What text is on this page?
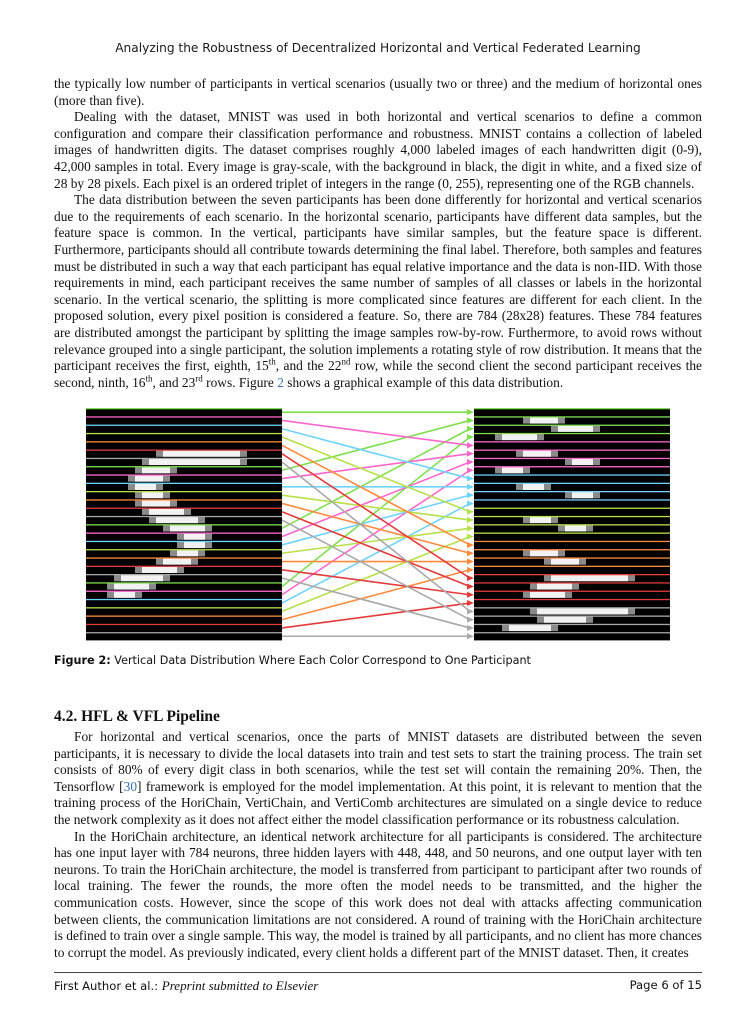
Analyzing the Robustness of Decentralized Horizontal and Vertical Federated Learning

the typically low number of participants in vertical scenarios (usually two or three) and the medium of horizontal ones (more than five).

Dealing with the dataset, MNIST was used in both horizontal and vertical scenarios to define a common configuration and compare their classification performance and robustness. MNIST contains a collection of labeled images of handwritten digits. The dataset comprises roughly 4,000 labeled images of each handwritten digit (0-9), 42,000 samples in total. Every image is gray-scale, with the background in black, the digit in white, and a fixed size of 28 by 28 pixels. Each pixel is an ordered triplet of integers in the range (0, 255), representing one of the RGB channels.

The data distribution between the seven participants has been done differently for horizontal and vertical scenarios due to the requirements of each scenario. In the horizontal scenario, participants have different data samples, but the feature space is common. In the vertical, participants have similar samples, but the feature space is different. Furthermore, participants should all contribute towards determining the final label. Therefore, both samples and features must be distributed in such a way that each participant has equal relative importance and the data is non-IID. With those requirements in mind, each participant receives the same number of samples of all classes or labels in the horizontal scenario. In the vertical scenario, the splitting is more complicated since features are different for each client. In the proposed solution, every pixel position is considered a feature. So, there are 784 (28x28) features. These 784 features are distributed amongst the participant by splitting the image samples row-by-row. Furthermore, to avoid rows without relevance grouped into a single participant, the solution implements a rotating style of row distribution. It means that the participant receives the first, eighth, 15th, and the 22nd row, while the second client the second participant receives the second, ninth, 16th, and 23rd rows. Figure 2 shows a graphical example of this data distribution.

Figure 2: Vertical Data Distribution Where Each Color Correspond to One Participant
4.2. HFL & VFL Pipeline

For horizontal and vertical scenarios, once the parts of MNIST datasets are distributed between the seven participants, it is necessary to divide the local datasets into train and test sets to start the training process. The train set consists of 80% of every digit class in both scenarios, while the test set will contain the remaining 20%. Then, the Tensorflow [30] framework is employed for the model implementation. At this point, it is relevant to mention that the training process of the HoriChain, VertiChain, and VertiComb architectures are simulated on a single device to reduce the network complexity as it does not affect either the model classification performance or its robustness calculation.

In the HoriChain architecture, an identical network architecture for all participants is considered. The architecture has one input layer with 784 neurons, three hidden layers with 448, 448, and 50 neurons, and one output layer with ten neurons. To train the HoriChain architecture, the model is transferred from participant to participant after two rounds of local training. The fewer the rounds, the more often the model needs to be transmitted, and the higher the communication costs. However, since the scope of this work does not deal with attacks affecting communication between clients, the communication limitations are not considered. A round of training with the HoriChain architecture is defined to train over a single sample. This way, the model is trained by all participants, and no client has more chances to corrupt the model. As previously indicated, every client holds a different part of the MNIST dataset. Then, it creates

First Author et al.: Preprint submitted to Elsevier	Page 6 of 15
